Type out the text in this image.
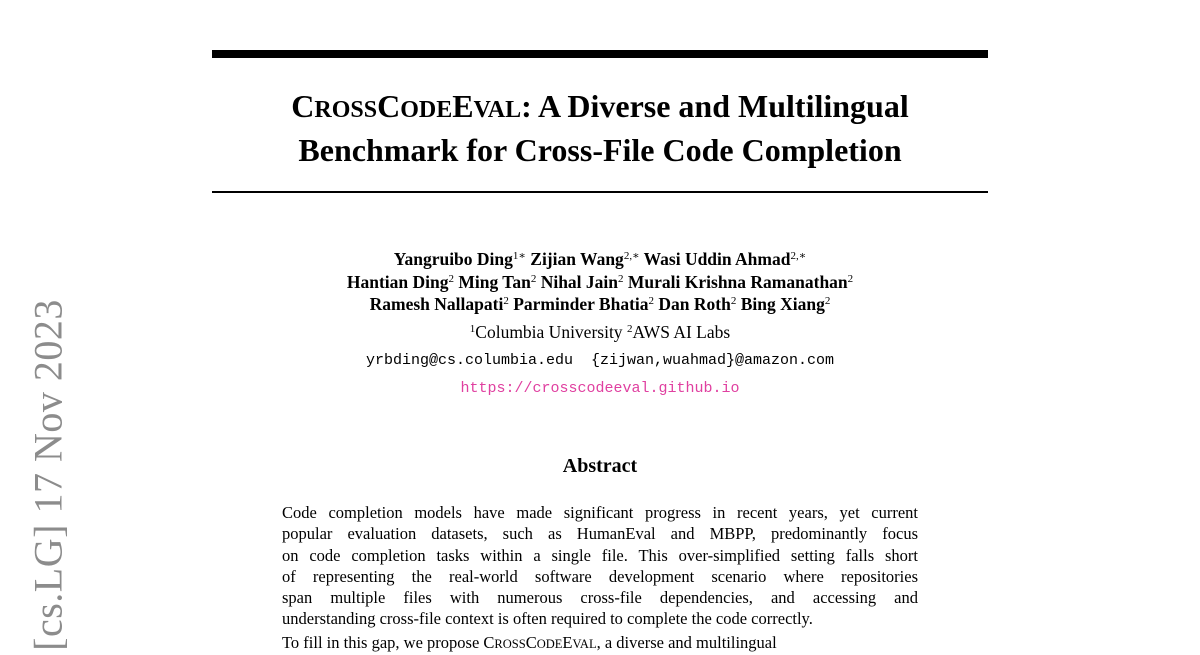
[cs.LG] 17 Nov 2023
CROSSCODEEVAL: A Diverse and Multilingual
Benchmark for Cross-File Code Completion
Yangruibo Ding$^{1∗}$ Zijian Wang$^{2,∗}$ Wasi Uddin Ahmad$^{2,∗}$
Hantian Ding$^2$ Ming Tan$^2$ Nihal Jain$^2$ Murali Krishna Ramanathan$^2$
Ramesh Nallapati$^2$ Parminder Bhatia$^2$ Dan Roth$^2$ Bing Xiang$^2$
$^1$Columbia University $^2$AWS AI Labs
yrbding@cs.columbia.edu {zijwan,wuahmad}@amazon.com
https://crosscodeeval.github.io
Abstract

Code completion models have made significant progress in recent years, yet current
popular evaluation datasets, such as HumanEval and MBPP, predominantly focus
on code completion tasks within a single file. This over-simplified setting falls short
of representing the real-world software development scenario where repositories
span multiple files with numerous cross-file dependencies, and accessing and
understanding cross-file context is often required to complete the code correctly.

To fill in this gap, we propose CROSSCODEEVAL, a diverse and multilingual
